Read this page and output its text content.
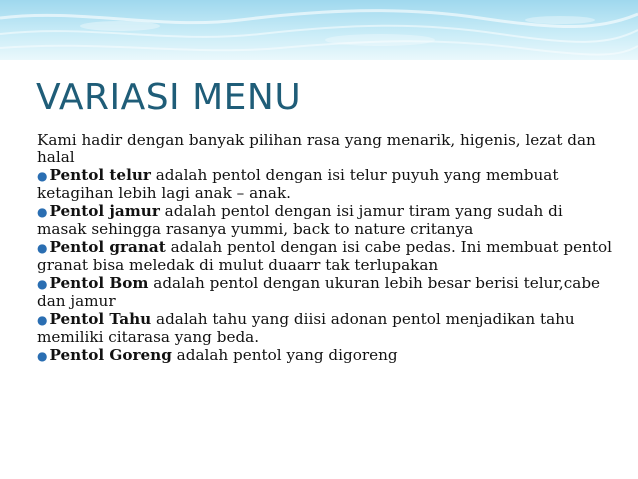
VARIASI MENU

Kami hadir dengan banyak pilihan rasa yang menarik, higenis, lezat dan halal

● Pentol telur adalah pentol dengan isi telur puyuh yang membuat ketagihan lebih lagi anak – anak.
● Pentol jamur adalah pentol dengan isi jamur tiram yang sudah di masak sehingga rasanya yummi, back to nature critanya
● Pentol granat adalah pentol dengan isi cabe pedas. Ini membuat pentol granat bisa meledak di mulut duaarr tak terlupakan
● Pentol Bom adalah pentol dengan ukuran lebih besar berisi telur,cabe dan jamur
● Pentol Tahu adalah tahu yang diisi adonan pentol menjadikan tahu memiliki citarasa yang beda.
● Pentol Goreng adalah pentol yang digoreng
